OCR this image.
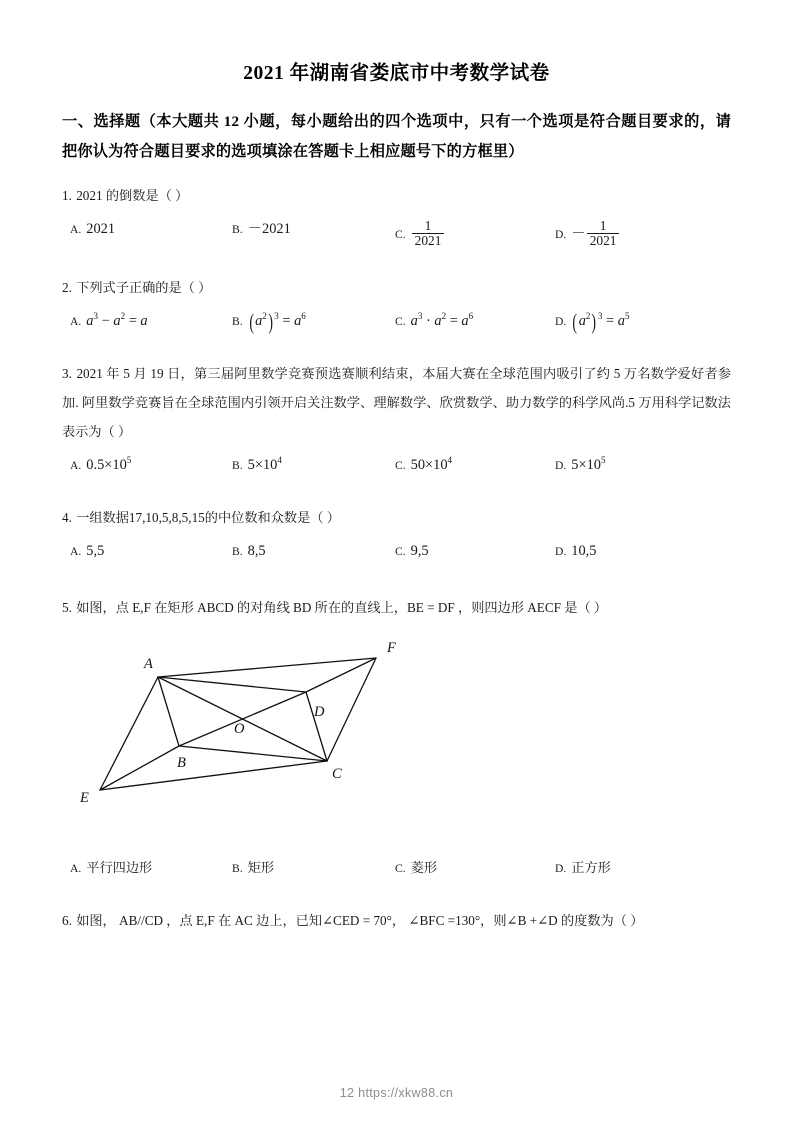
2021 年湖南省娄底市中考数学试卷
一、选择题（本大题共 12 小题，每小题给出的四个选项中，只有一个选项是符合题目要求的，请把你认为符合题目要求的选项填涂在答题卡上相应题号下的方框里）
1. 2021 的倒数是（ ）
A. 2021	B. －2021	C. $\frac{1}{2021}$	D. － $\frac{1}{2021}$
2. 下列式子正确的是（ ）
A. $a^3 - a^2 = a$	B. $(a^2)^3 = a^6$	C. $a^3 \cdot a^2 = a^6$	D. $(a^2)^3 = a^5$
3. 2021 年 5 月 19 日，第三届阿里数学竞赛预选赛顺利结束，本届大赛在全球范围内吸引了约 5 万名数学爱好者参加. 阿里数学竞赛旨在全球范围内引领开启关注数学、理解数学、欣赏数学、助力数学的科学风尚.5 万用科学记数法表示为（ ）
A. $0.5\times 10^5$	B. $5\times 10^4$	C. $50\times 10^4$	D. $5\times 10^5$
4. 一组数据17,10,5,8,5,15的中位数和众数是（ ）
A. 5,5	B. 8,5	C. 9,5	D. 10,5
5. 如图，点 E,F 在矩形 ABCD 的对角线 BD 所在的直线上，BE = DF ，则四边形 AECF 是（ ）
A
B
C
D
E
F
O
A. 平行四边形	B. 矩形	C. 菱形	D. 正方形
6. 如图， AB//CD ，点 E,F 在 AC 边上，已知∠CED = 70°， ∠BFC =130°，则∠B +∠D 的度数为（ ）
12 https://xkw88.cn
